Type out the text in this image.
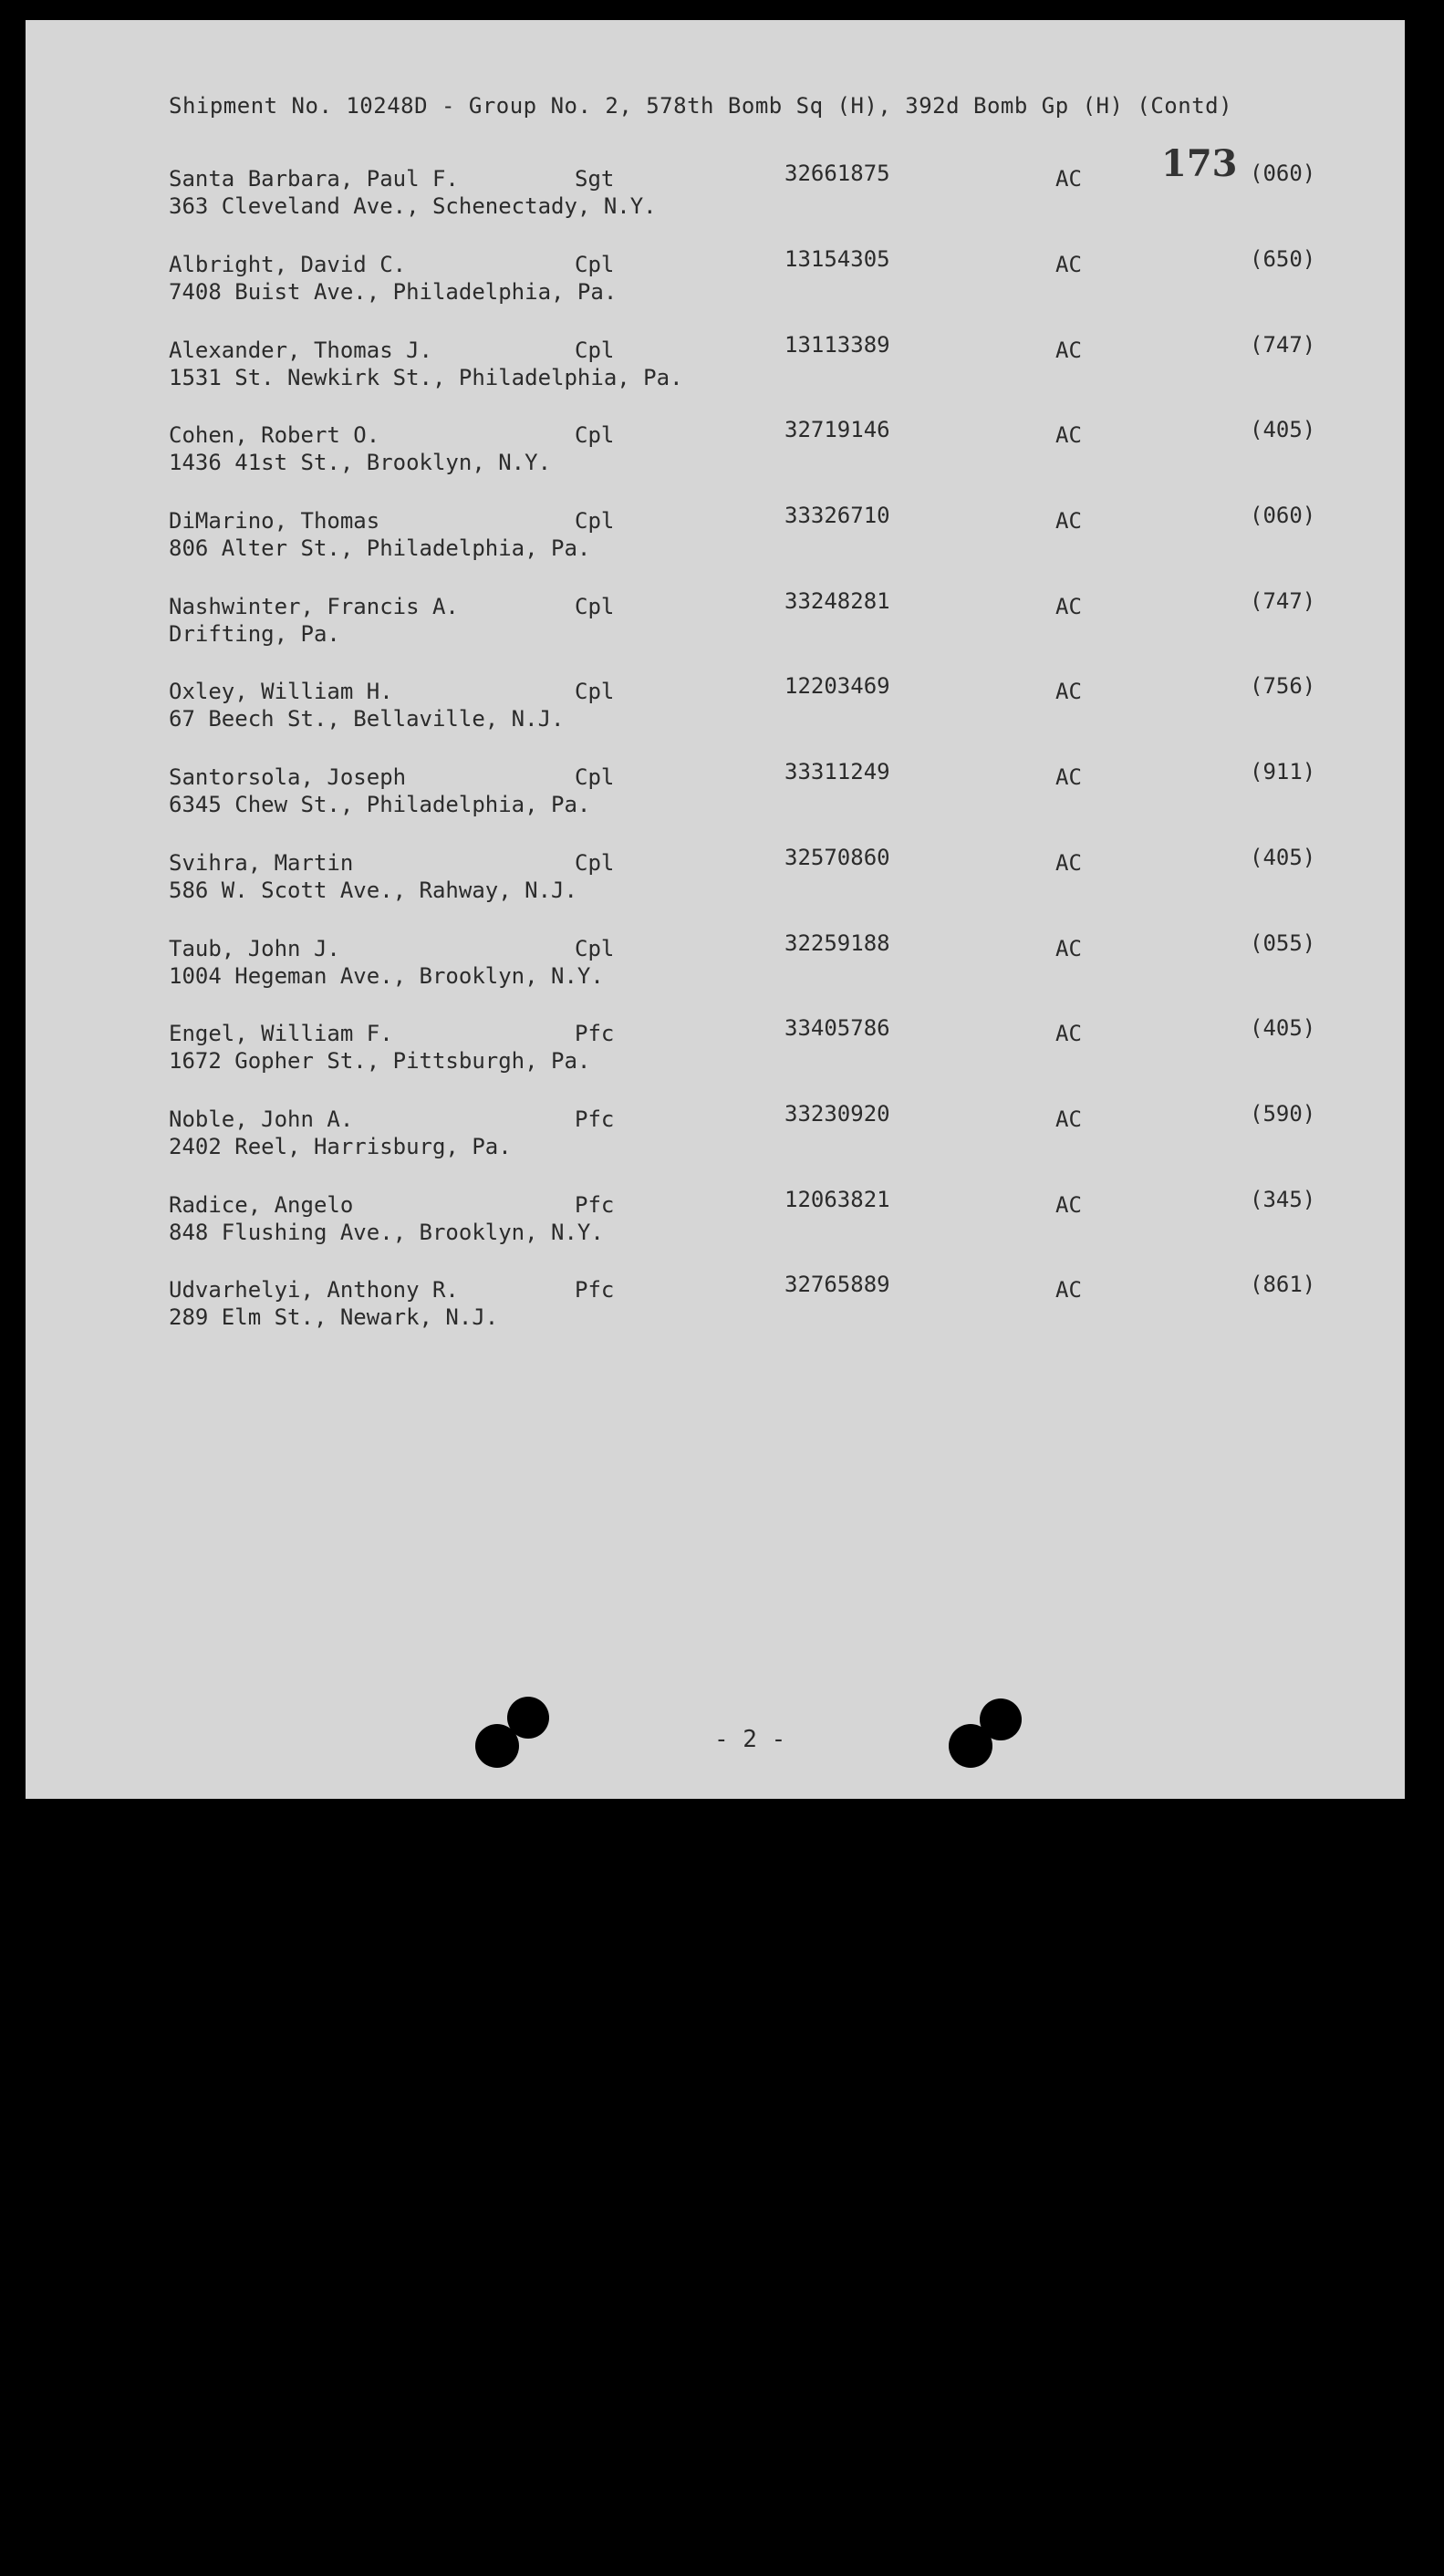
Shipment No. 10248D - Group No. 2, 578th Bomb Sq (H), 392d Bomb Gp (H) (Contd)
173
Santa Barbara, Paul F.	Sgt	32661875	AC	(060)
363 Cleveland Ave., Schenectady, N.Y.
Albright, David C.	Cpl	13154305	AC	(650)
7408 Buist Ave., Philadelphia, Pa.
Alexander, Thomas J.	Cpl	13113389	AC	(747)
1531 St. Newkirk St., Philadelphia, Pa.
Cohen, Robert O.	Cpl	32719146	AC	(405)
1436 41st St., Brooklyn, N.Y.
DiMarino, Thomas	Cpl	33326710	AC	(060)
806 Alter St., Philadelphia, Pa.
Nashwinter, Francis A.	Cpl	33248281	AC	(747)
Drifting, Pa.
Oxley, William H.	Cpl	12203469	AC	(756)
67 Beech St., Bellaville, N.J.
Santorsola, Joseph	Cpl	33311249	AC	(911)
6345 Chew St., Philadelphia, Pa.
Svihra, Martin	Cpl	32570860	AC	(405)
586 W. Scott Ave., Rahway, N.J.
Taub, John J.	Cpl	32259188	AC	(055)
1004 Hegeman Ave., Brooklyn, N.Y.
Engel, William F.	Pfc	33405786	AC	(405)
1672 Gopher St., Pittsburgh, Pa.
Noble, John A.	Pfc	33230920	AC	(590)
2402 Reel, Harrisburg, Pa.
Radice, Angelo	Pfc	12063821	AC	(345)
848 Flushing Ave., Brooklyn, N.Y.
Udvarhelyi, Anthony R.	Pfc	32765889	AC	(861)
289 Elm St., Newark, N.J.
- 2 -
